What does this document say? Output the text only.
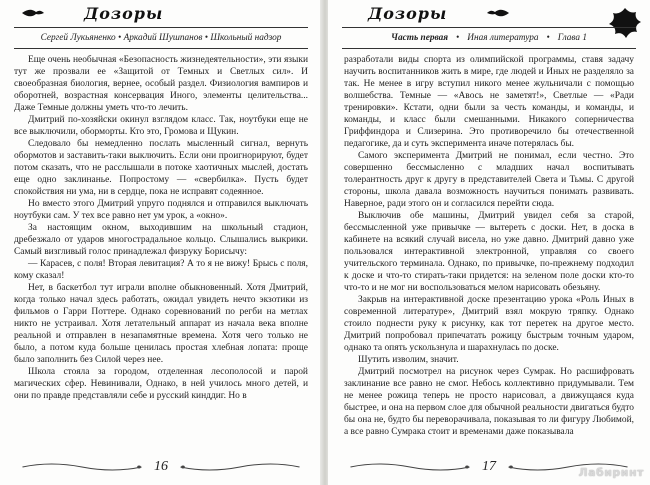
Дозоры
Сергей Лукьяненко • Аркадий Шушпанов • Школьный надзор

Еще очень необычная «Безопасность жизнедеятельности», эти языки тут же прозвали ее «Защитой от Темных и Светлых сил». И своеобразная биология, вернее, особый раздел. Физиология вампиров и оборотней, возрастная консервация Иного, элементы целительства... Даже Темные должны уметь что-то лечить.

Дмитрий по-хозяйски окинул взглядом класс. Так, ноутбуки еще не все выключили, оборморты. Кто это, Громова и Щукин.

Следовало бы немедленно послать мысленный сигнал, вернуть обормотов и заставить-таки выключить. Если они проигнорируют, будет потом сказать, что не расслышали в потоке хаотичных мыслей, достать еще одно заклинанье. Попростому — «свербилка». Пусть будет спокойствия ни ума, ни в сердце, пока не исправят содеянное.

Но вместо этого Дмитрий упруго поднялся и отправился выключать ноутбуки сам. У тех все равно нет ум урок, а «окно».

За настоящим окном, выходившим на школьный стадион, дребезжало от ударов многострадальное кольцо. Слышались выкрики. Самый визгливый голос принадлежал физруку Борисычу:

— Карасев, с поля! Вторая левитация? А то я не вижу! Брысь с поля, кому сказал!

Нет, в баскетбол тут играли вполне обыкновенный. Хотя Дмитрий, когда только начал здесь работать, ожидал увидеть нечто экзотики из фильмов о Гарри Поттере. Однако соревнований по регби на метлах никто не устраивал. Хотя летательный аппарат из начала века вполне реальной и отправлен в незапамятные времена. Хотя чего только не было, а потом куда больше ценилась простая хлебная лопата: проще было заполнить без Силой через нее.

Школа стояла за городом, отделенная лесополосой и парой магических сфер. Невинивали, Однако, в ней училось много детей, и они по правде представляли себе и русский кинддиг. Но в

16
Дозоры
Часть первая • Иная литература • Глава 1

разработали виды спорта из олимпийской программы, ставя задачу научить воспитанников жить в мире, где людей и Иных не разделяло за так. Не менее в игру вступил никого менее жульничали с помощью волшебства. Темные — «Авось не заметят!», Светлые — «Ради тренировки». Кстати, одни были за честь команды, и команды, и команды, и класс были смешанными. Никакого соперничества Гриффиндора и Слизерина. Это противоречило бы отечественной педагогике, да и суть эксперимента иначе потерялась бы.

Самого эксперимента Дмитрий не понимал, если честно. Это совершенно бессмысленно с младших начал воспитывать толерантность друг к другу в представителей Света и Тьмы. С другой стороны, школа давала возможность научиться понимать развивать. Наверное, ради этого он и согласился перейти сюда.

Выключив обе машины, Дмитрий увидел себя за старой, бессмысленной уже привычке — вытереть с доски. Нет, в доска в кабинете на всякий случай висела, но уже давно. Дмитрий давно уже пользовался интерактивной электронной, управляя со своего учительского терминала. Однако, по привычке, по-прежнему подходил к доске и что-то стирать-таки придется: на зеленом поле доски кто-то что-то и не мог ни воспользоваться мелом нарисовать обезьяну.

Закрыв на интерактивной доске презентацию урока «Роль Иных в современной литературе», Дмитрий взял мокрую тряпку. Однако стоило поднести руку к рисунку, как тот перетек на другое место. Дмитрий попробовал припечатать рожицу быстрым точным ударом, однако та опять ускользнула и шарахнулась по доске.

Шутить изволим, значит.

Дмитрий посмотрел на рисунок через Сумрак. Но расшифровать заклинание все равно не смог. Небось коллективно придумывали. Тем не менее рожица теперь не просто нарисовал, а движущаяся куда быстрее, и она на первом слое для обычной реальности двигаться будто бы она не, будто бы переворачивала, показывая то ли фигуру Любимой, а все равно Сумрака стоит и временами даже показывала

17	Лабиринт
